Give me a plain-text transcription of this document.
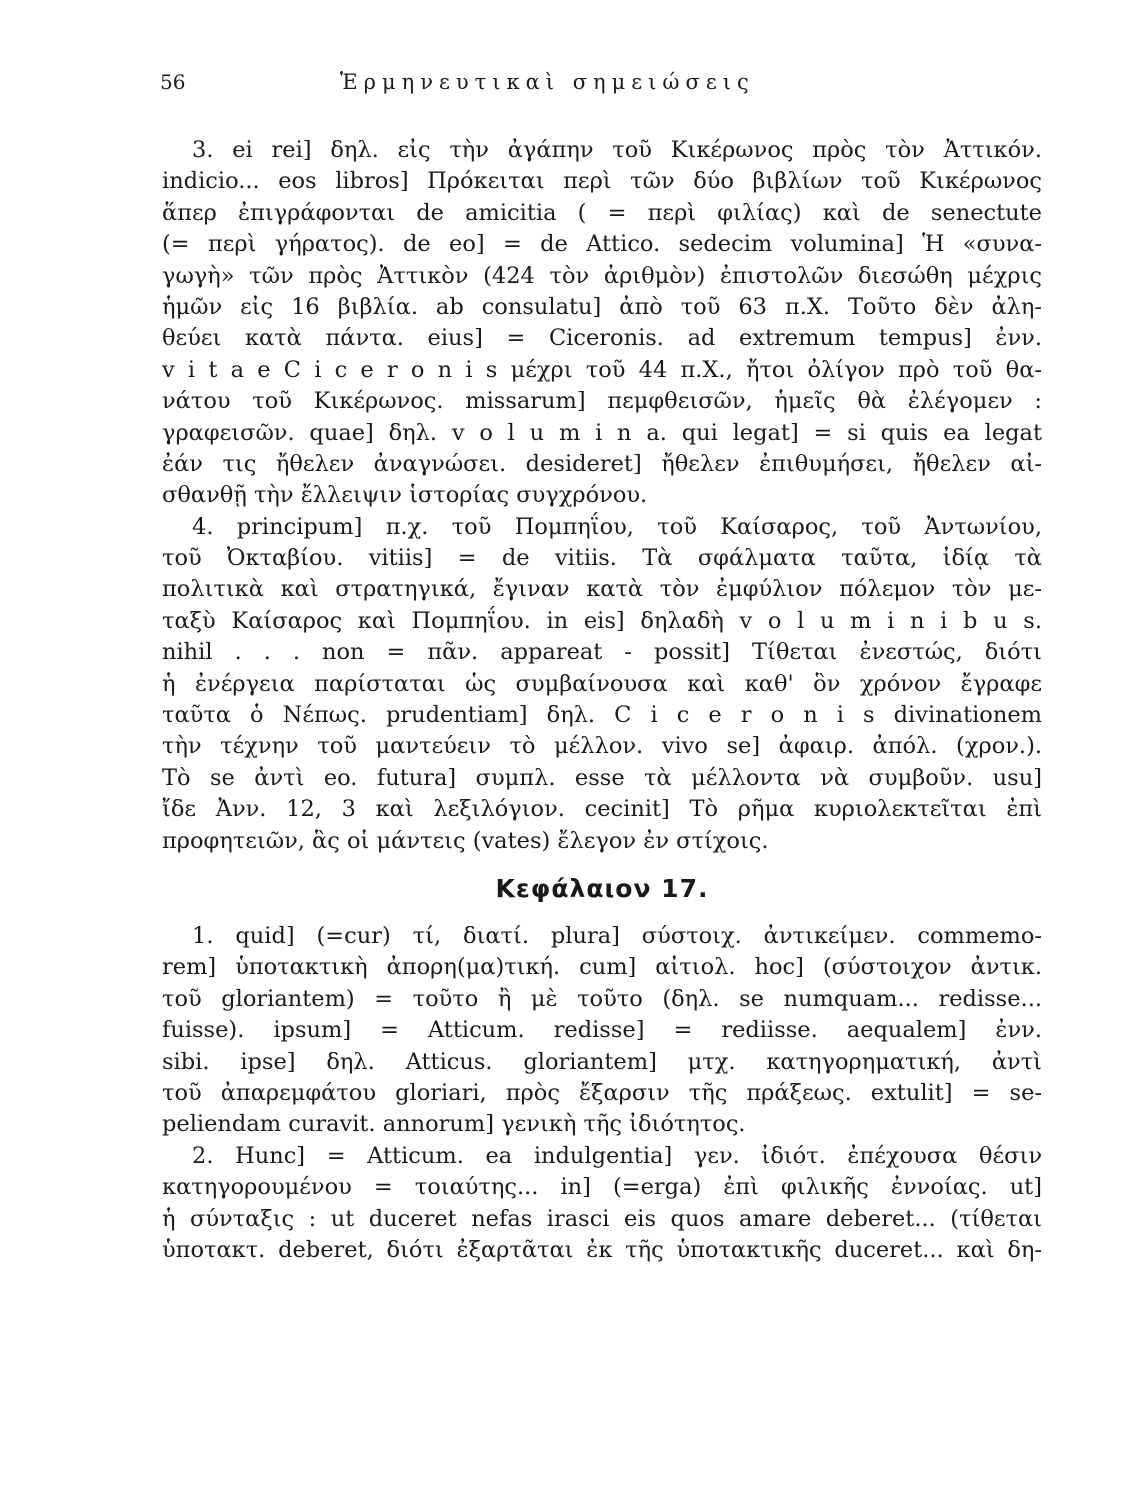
56	Ἑρμηνευτικαὶ σημειώσεις
3. ei rei] δηλ. εἰς τὴν ἀγάπην τοῦ Κικέρωνος πρὸς τὸν Ἀττικόν.
indicio... eos libros] Πρόκειται περὶ τῶν δύο βιβλίων τοῦ Κικέρωνος
ἅπερ ἐπιγράφονται de amicitia ( = περὶ φιλίας) καὶ de senectute
(= περὶ γήρατος). de eo] = de Attico. sedecim volumina] Ἡ «συνα-
γωγὴ» τῶν πρὸς Ἀττικὸν (424 τὸν ἀριθμὸν) ἐπιστολῶν διεσώθη μέχρις
ἡμῶν εἰς 16 βιβλία. ab consulatu] ἀπὸ τοῦ 63 π.Χ. Τοῦτο δὲν ἀλη-
θεύει κατὰ πάντα. eius] = Ciceronis. ad extremum tempus] ἐνν.
v i t a e C i c e r o n i s μέχρι τοῦ 44 π.Χ., ἤτοι ὀλίγον πρὸ τοῦ θα-
νάτου τοῦ Κικέρωνος. missarum] πεμφθεισῶν, ἡμεῖς θὰ ἐλέγομεν :
γραφεισῶν. quae] δηλ. v o l u m i n a. qui legat] = si quis ea legat
ἐάν τις ἤθελεν ἀναγνώσει. desideret] ἤθελεν ἐπιθυμήσει, ἤθελεν αἰ-
σθανθῇ τὴν ἔλλειψιν ἱστορίας συγχρόνου.
4. principum] π.χ. τοῦ Πομπηΐου, τοῦ Καίσαρος, τοῦ Ἀντωνίου,
τοῦ Ὀκταβίου. vitiis] = de vitiis. Τὰ σφάλματα ταῦτα, ἰδίᾳ τὰ
πολιτικὰ καὶ στρατηγικά, ἔγιναν κατὰ τὸν ἐμφύλιον πόλεμον τὸν με-
ταξὺ Καίσαρος καὶ Πομπηΐου. in eis] δηλαδὴ v o l u m i n i b u s.
nihil . . . non = πᾶν. appareat - possit] Τίθεται ἐνεστώς, διότι
ἡ ἐνέργεια παρίσταται ὡς συμβαίνουσα καὶ καθ' ὃν χρόνον ἔγραφε
ταῦτα ὁ Νέπως. prudentiam] δηλ. C i c e r o n i s divinationem
τὴν τέχνην τοῦ μαντεύειν τὸ μέλλον. vivo se] ἀφαιρ. ἀπόλ. (χρον.).
Τὸ se ἀντὶ eo. futura] συμπλ. esse τὰ μέλλοντα νὰ συμβοῦν. usu]
ἴδε Ἀνν. 12, 3 καὶ λεξιλόγιον. cecinit] Τὸ ρῆμα κυριολεκτεῖται ἐπὶ
προφητειῶν, ἃς οἱ μάντεις (vates) ἔλεγον ἐν στίχοις.
Κεφάλαιον 17.
1. quid] (=cur) τί, διατί. plura] σύστοιχ. ἀντικείμεν. commemo-
rem] ὑποτακτικὴ ἀπορη(μα)τική. cum] αἰτιολ. hoc] (σύστοιχον ἀντικ.
τοῦ gloriantem) = τοῦτο ἢ μὲ τοῦτο (δηλ. se numquam... redisse...
fuisse). ipsum] = Atticum. redisse] = rediisse. aequalem] ἐνν.
sibi. ipse] δηλ. Atticus. gloriantem] μτχ. κατηγορηματική, ἀντὶ
τοῦ ἀπαρεμφάτου gloriari, πρὸς ἔξαρσιν τῆς πράξεως. extulit] = se-
peliendam curavit. annorum] γενικὴ τῆς ἰδιότητος.
2. Hunc] = Atticum. ea indulgentia] γεν. ἰδιότ. ἐπέχουσα θέσιν
κατηγορουμένου = τοιαύτης... in] (=erga) ἐπὶ φιλικῆς ἐννοίας. ut]
ἡ σύνταξις : ut duceret nefas irasci eis quos amare deberet... (τίθεται
ὑποτακτ. deberet, διότι ἐξαρτᾶται ἐκ τῆς ὑποτακτικῆς duceret... καὶ δη-
